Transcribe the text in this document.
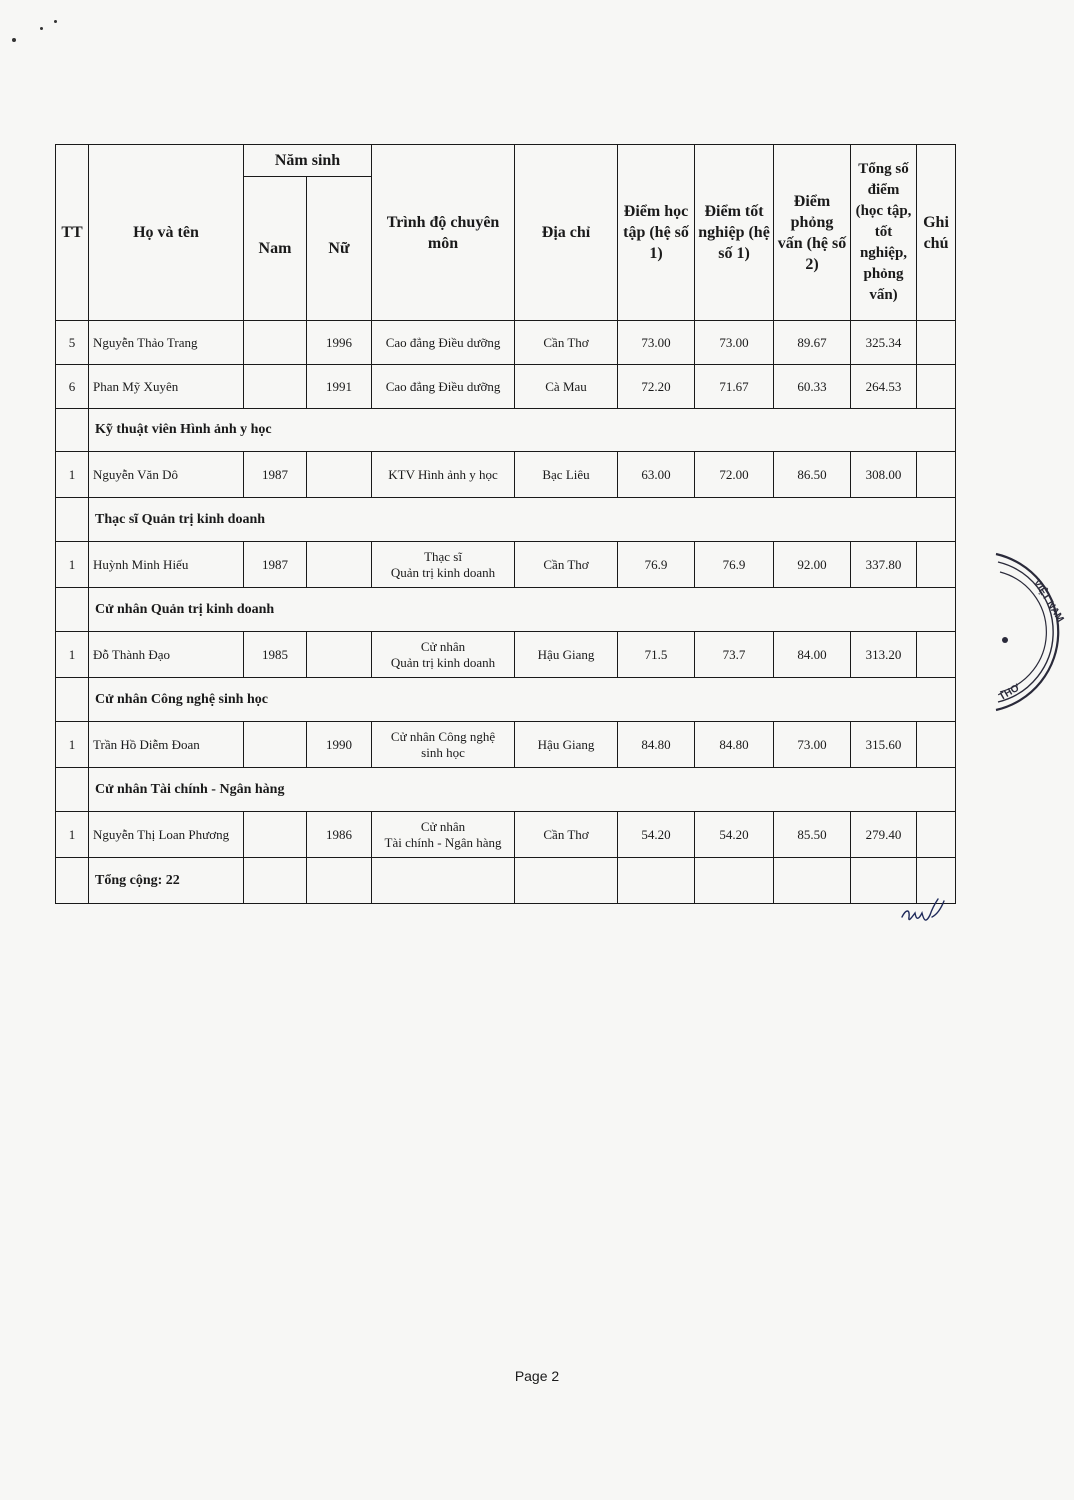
TT	Họ và tên	Năm sinh		Trình độ chuyên môn	Địa chỉ	Điểm học tập (hệ số 1)	Điểm tốt nghiệp (hệ số 1)	Điểm phỏng vấn (hệ số 2)	Tổng số điểm (học tập, tốt nghiệp, phỏng vấn)	Ghi chú
		Nam	Nữ							
5	Nguyễn Thảo Trang		1996	Cao đẳng Điều dưỡng	Cần Thơ	73.00	73.00	89.67	325.34	
6	Phan Mỹ Xuyên		1991	Cao đẳng Điều dưỡng	Cà Mau	72.20	71.67	60.33	264.53	
	Kỹ thuật viên Hình ảnh y học									
1	Nguyễn Văn Dô	1987		KTV Hình ảnh y học	Bạc Liêu	63.00	72.00	86.50	308.00	
	Thạc sĩ Quản trị kinh doanh									
1	Huỳnh Minh Hiếu	1987		Thạc sĩ
Quản trị kinh doanh	Cần Thơ	76.9	76.9	92.00	337.80	
	Cử nhân Quản trị kinh doanh									
1	Đỗ Thành Đạo	1985		Cử nhân
Quản trị kinh doanh	Hậu Giang	71.5	73.7	84.00	313.20	
	Cử nhân Công nghệ sinh học									
1	Trần Hồ Diễm Đoan		1990	Cử nhân Công nghệ
sinh học	Hậu Giang	84.80	84.80	73.00	315.60	
	Cử nhân Tài chính - Ngân hàng									
1	Nguyễn Thị Loan Phương		1986	Cử nhân
Tài chính - Ngân hàng	Cần Thơ	54.20	54.20	85.50	279.40	
	Tổng cộng: 22									
VIỆT NAM
THƠ
Page 2
